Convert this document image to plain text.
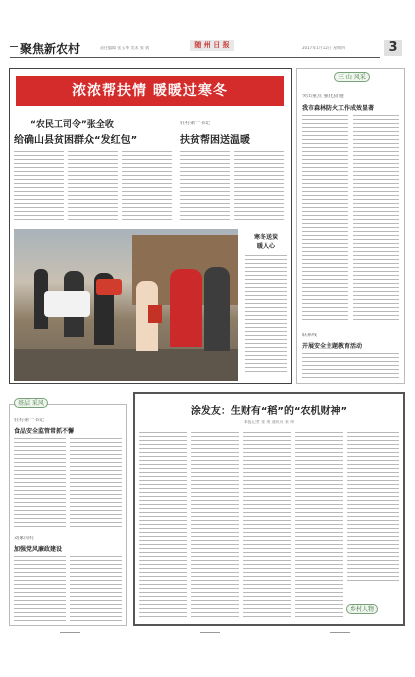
聚焦新农村	责任编辑 张玉华 美术 张 倩	随 州 日 报	2017年1月12日 星期四	3
浓浓帮扶情 暖暖过寒冬
“农民工司令”张全收
给确山县贫困群众“发红包”
驻村第一书记
扶贫帮困送温暖
寒冬送炭
暖人心
三 山 风采
突出重点 强化措施
我市森林防火工作成效显著
联系线
开展安全主题教育活动
基层 采风
驻村第一书记
食品安全监管常抓不懈
刘家岗村
加强党风廉政建设
涂发友：生财有“稻”的“农机财神”
本报记者 张 勇 通讯员 张 伟
乡村人物
